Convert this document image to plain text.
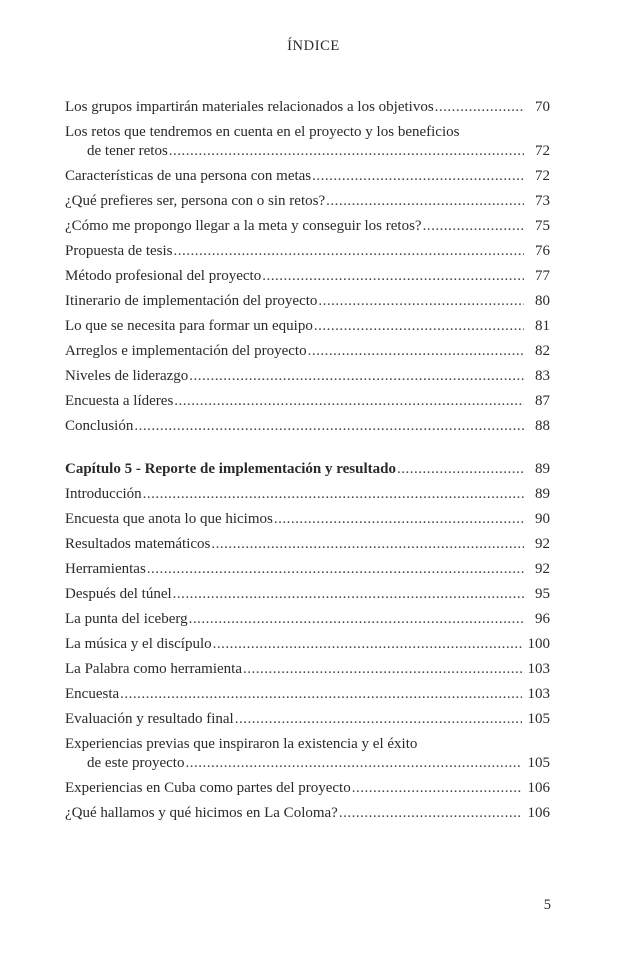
ÍNDICE
Los grupos impartirán materiales relacionados a los objetivos .....	70
Los retos que tendremos en cuenta en el proyecto y los beneficios
de tener retos .....	72
Características de una persona con metas .....	72
¿Qué prefieres ser, persona con o sin retos? .....	73
¿Cómo me propongo llegar a la meta y conseguir los retos? .....	75
Propuesta de tesis .....	76
Método profesional del proyecto .....	77
Itinerario de implementación del proyecto .....	80
Lo que se necesita para formar un equipo .....	81
Arreglos e implementación del proyecto .....	82
Niveles de liderazgo .....	83
Encuesta a líderes .....	87
Conclusión .....	88
Capítulo 5 - Reporte de implementación y resultado .....	89
Introducción .....	89
Encuesta que anota lo que hicimos .....	90
Resultados matemáticos .....	92
Herramientas .....	92
Después del túnel .....	95
La punta del iceberg .....	96
La música y el discípulo .....	100
La Palabra como herramienta .....	103
Encuesta .....	103
Evaluación y resultado final .....	105
Experiencias previas que inspiraron la existencia y el éxito
de este proyecto .....	105
Experiencias en Cuba como partes del proyecto .....	106
¿Qué hallamos y qué hicimos en La Coloma? .....	106
5
